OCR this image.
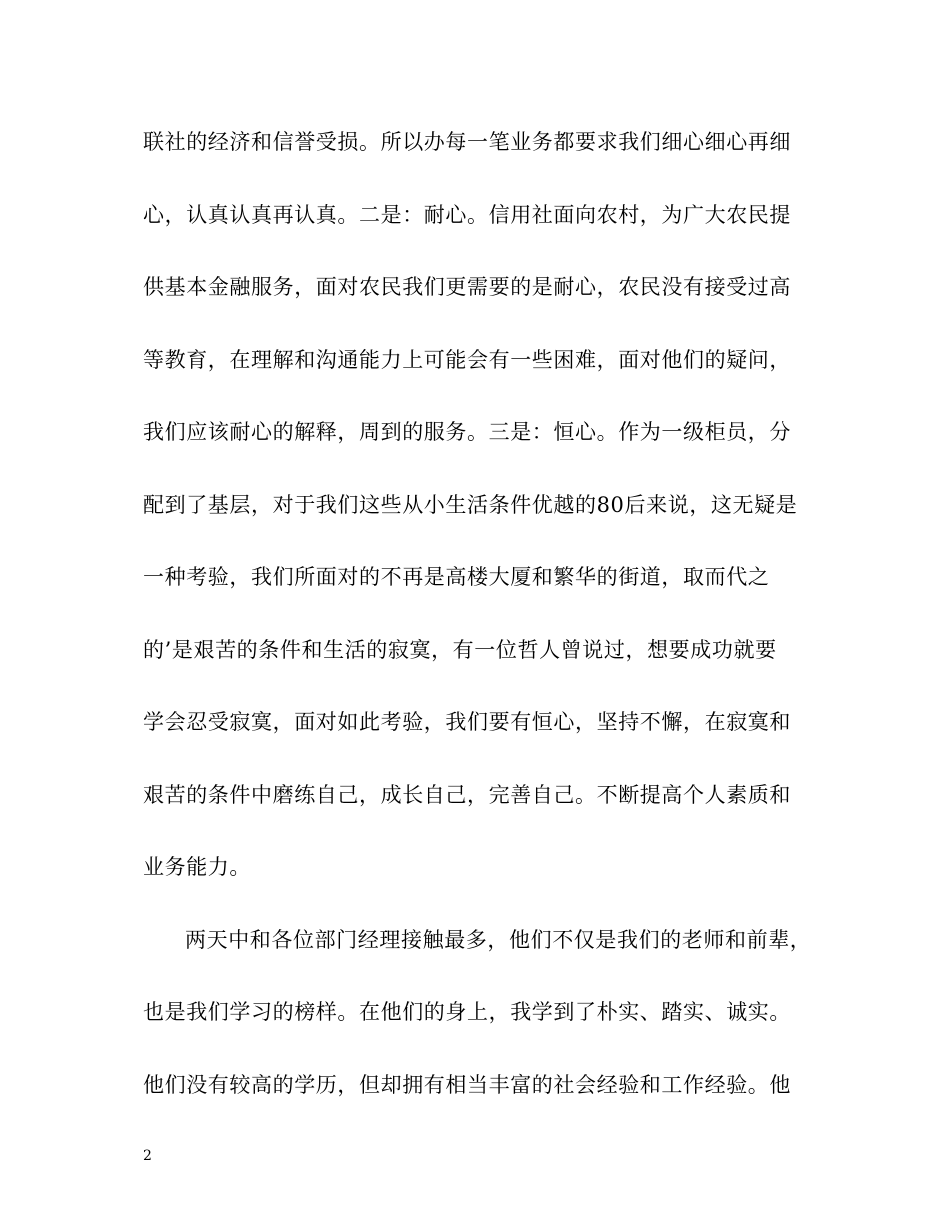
联社的经济和信誉受损。所以办每一笔业务都要求我们细心细心再细
心，认真认真再认真。二是：耐心。信用社面向农村，为广大农民提
供基本金融服务，面对农民我们更需要的是耐心，农民没有接受过高
等教育，在理解和沟通能力上可能会有一些困难，面对他们的疑问，
我们应该耐心的解释，周到的服务。三是：恒心。作为一级柜员，分
配到了基层，对于我们这些从小生活条件优越的80后来说，这无疑是
一种考验，我们所面对的不再是高楼大厦和繁华的街道，取而代之
的’是艰苦的条件和生活的寂寞，有一位哲人曾说过，想要成功就要
学会忍受寂寞，面对如此考验，我们要有恒心，坚持不懈，在寂寞和
艰苦的条件中磨练自己，成长自己，完善自己。不断提高个人素质和
业务能力。
两天中和各位部门经理接触最多，他们不仅是我们的老师和前辈，
也是我们学习的榜样。在他们的身上，我学到了朴实、踏实、诚实。
他们没有较高的学历，但却拥有相当丰富的社会经验和工作经验。他
2
